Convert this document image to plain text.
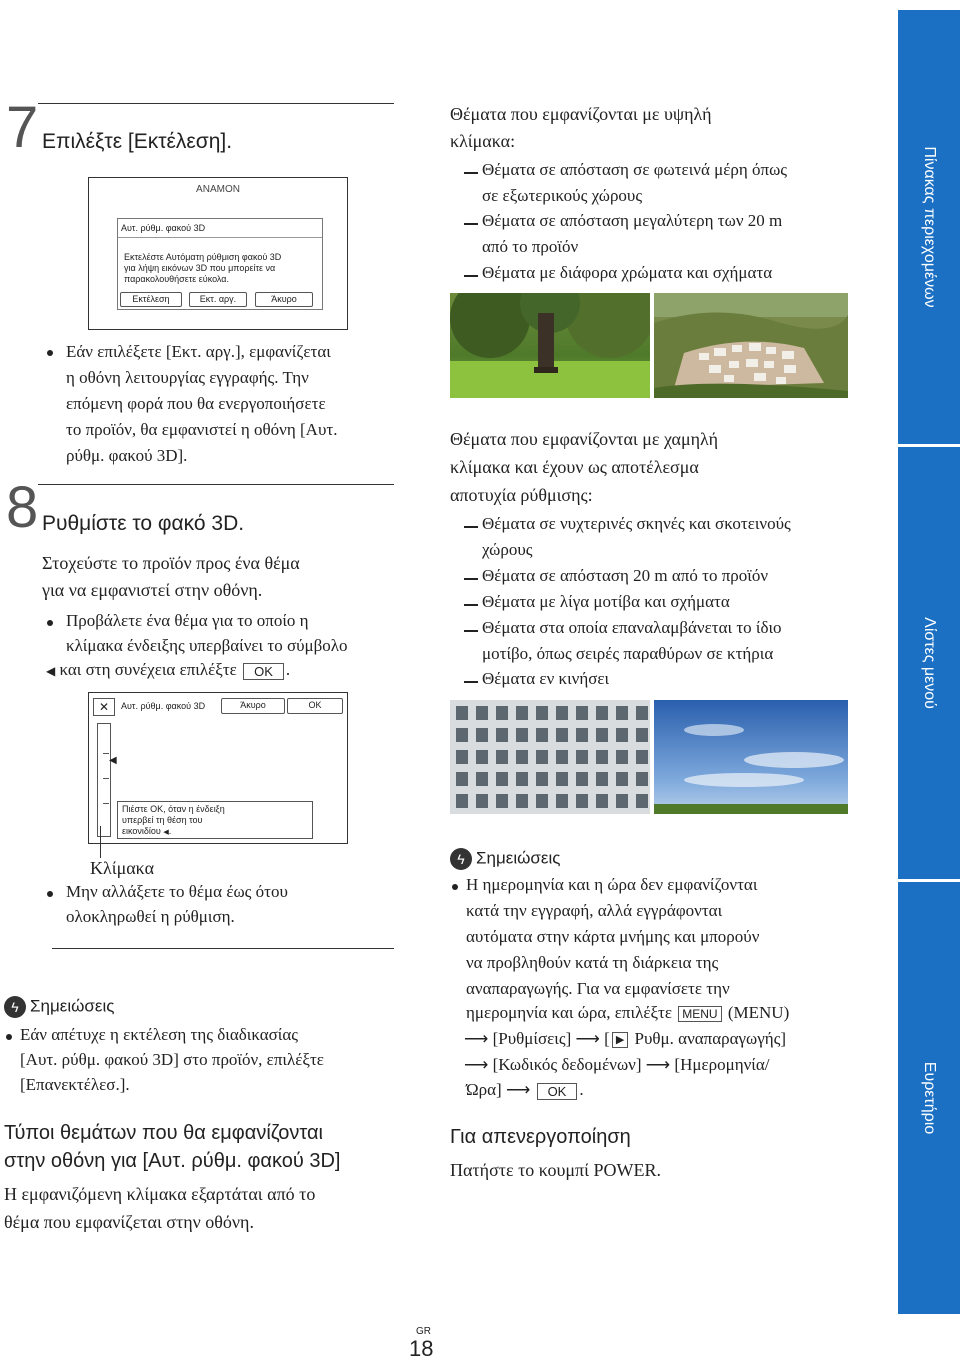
7 Επιλέξτε [Εκτέλεση].
ΑΝΑΜΟΝ
Αυτ. ρύθμ. φακού 3D
Εκτελέστε Αυτόματη ρύθμιση φακού 3D
για λήψη εικόνων 3D που μπορείτε να
παρακολουθήσετε εύκολα.
Εκτέλεση	Εκτ. αργ.	Άκυρο
Εάν επιλέξετε [Εκτ. αργ.], εμφανίζεται
η οθόνη λειτουργίας εγγραφής. Την
επόμενη φορά που θα ενεργοποιήσετε
το προϊόν, θα εμφανιστεί η οθόνη [Αυτ.
ρύθμ. φακού 3D].
8 Ρυθμίστε το φακό 3D.
Στοχεύστε το προϊόν προς ένα θέμα
για να εμφανιστεί στην οθόνη.
Προβάλετε ένα θέμα για το οποίο η
κλίμακα ένδειξης υπερβαίνει το σύμβολο
◀ και στη συνέχεια επιλέξτε OK .
✕	Αυτ. ρύθμ. φακού 3D	Άκυρο	OK
◀
Πιέστε ΟΚ, όταν η ένδειξη
υπερβεί τη θέση του
εικονιδίου ◀.
Κλίμακα
Μην αλλάξετε το θέμα έως ότου
ολοκληρωθεί η ρύθμιση.
ϟ Σημειώσεις
Εάν απέτυχε η εκτέλεση της διαδικασίας
[Αυτ. ρύθμ. φακού 3D] στο προϊόν, επιλέξτε
[Επανεκτέλεσ.].
Τύποι θεμάτων που θα εμφανίζονται
στην οθόνη για [Αυτ. ρύθμ. φακού 3D]
Η εμφανιζόμενη κλίμακα εξαρτάται από το
θέμα που εμφανίζεται στην οθόνη.
Θέματα που εμφανίζονται με υψηλή
κλίμακα:
Θέματα σε απόσταση σε φωτεινά μέρη όπως
σε εξωτερικούς χώρους
Θέματα σε απόσταση μεγαλύτερη των 20 m
από το προϊόν
Θέματα με διάφορα χρώματα και σχήματα
Θέματα που εμφανίζονται με χαμηλή
κλίμακα και έχουν ως αποτέλεσμα
αποτυχία ρύθμισης:
Θέματα σε νυχτερινές σκηνές και σκοτεινούς
χώρους
Θέματα σε απόσταση 20 m από το προϊόν
Θέματα με λίγα μοτίβα και σχήματα
Θέματα στα οποία επαναλαμβάνεται το ίδιο
μοτίβο, όπως σειρές παραθύρων σε κτήρια
Θέματα εν κινήσει
ϟ Σημειώσεις
Η ημερομηνία και η ώρα δεν εμφανίζονται
κατά την εγγραφή, αλλά εγγράφονται
αυτόματα στην κάρτα μνήμης και μπορούν
να προβληθούν κατά τη διάρκεια της
αναπαραγωγής. Για να εμφανίσετε την
ημερομηνία και ώρα, επιλέξτε MENU (MENU)
⟶ [Ρυθμίσεις] ⟶ [ ▶ Ρυθμ. αναπαραγωγής]
⟶ [Κωδικός δεδομένων] ⟶ [Ημερομηνία/
Ώρα] ⟶ OK .
Για απενεργοποίηση
Πατήστε το κουμπί POWER.
Πίνακας περιεχομένων
Λίστες μενού
Ευρετήριο
GR
18
